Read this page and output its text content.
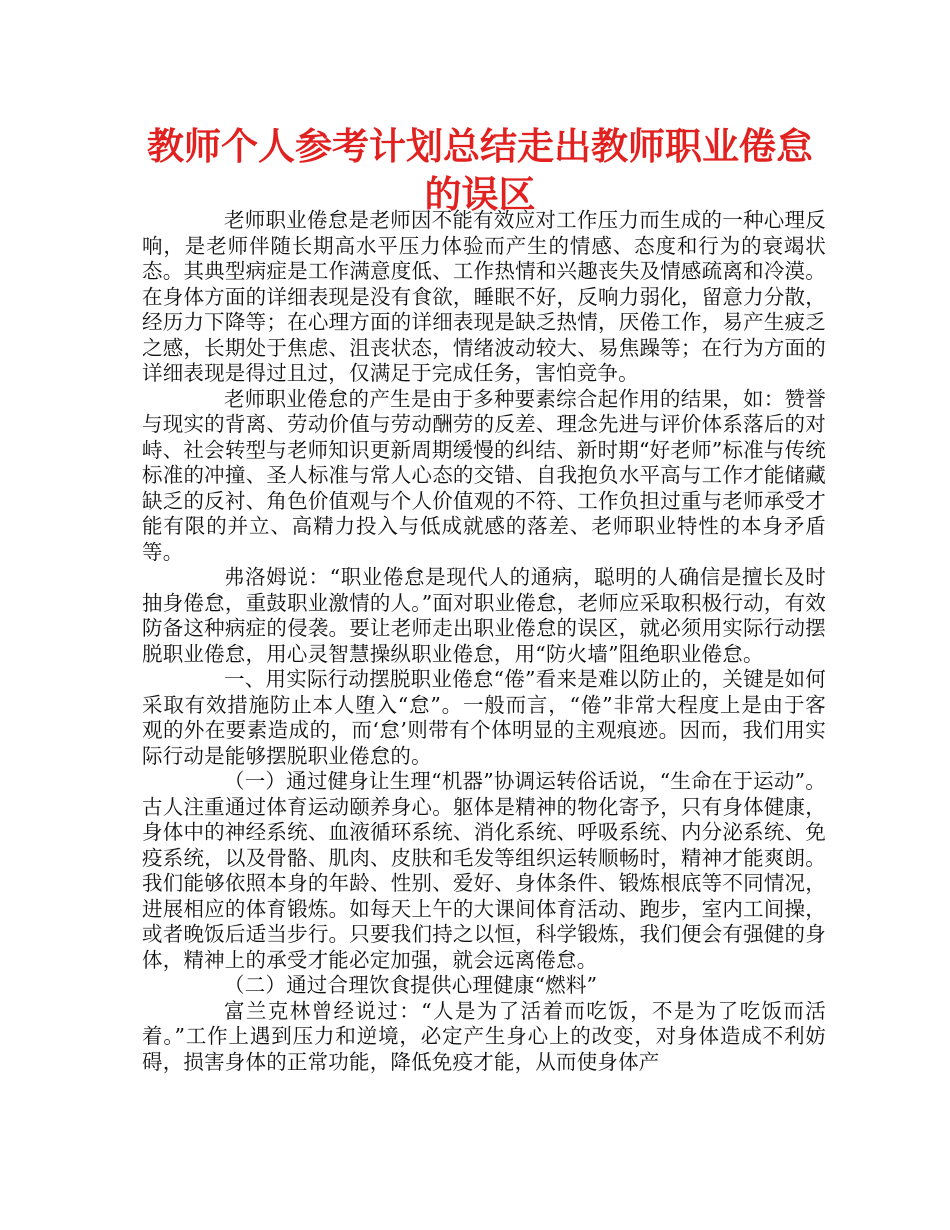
教师个人参考计划总结走出教师职业倦怠的误区

老师职业倦怠是老师因不能有效应对工作压力而生成的一种心理反响，是老师伴随长期高水平压力体验而产生的情感、态度和行为的衰竭状态。其典型病症是工作满意度低、工作热情和兴趣丧失及情感疏离和冷漠。在身体方面的详细表现是没有食欲，睡眠不好，反响力弱化，留意力分散，经历力下降等；在心理方面的详细表现是缺乏热情，厌倦工作，易产生疲乏之感，长期处于焦虑、沮丧状态，情绪波动较大、易焦躁等；在行为方面的详细表现是得过且过，仅满足于完成任务，害怕竞争。

老师职业倦怠的产生是由于多种要素综合起作用的结果，如：赞誉与现实的背离、劳动价值与劳动酬劳的反差、理念先进与评价体系落后的对峙、社会转型与老师知识更新周期缓慢的纠结、新时期“好老师”标准与传统标准的冲撞、圣人标准与常人心态的交错、自我抱负水平高与工作才能储藏缺乏的反衬、角色价值观与个人价值观的不符、工作负担过重与老师承受才能有限的并立、高精力投入与低成就感的落差、老师职业特性的本身矛盾等。

弗洛姆说：“职业倦怠是现代人的通病，聪明的人确信是擅长及时抽身倦怠，重鼓职业激情的人。”面对职业倦怠，老师应采取积极行动，有效防备这种病症的侵袭。要让老师走出职业倦怠的误区，就必须用实际行动摆脱职业倦怠，用心灵智慧操纵职业倦怠，用“防火墙”阻绝职业倦怠。

一、用实际行动摆脱职业倦怠“倦”看来是难以防止的，关键是如何采取有效措施防止本人堕入“怠”。一般而言，“倦”非常大程度上是由于客观的外在要素造成的，而‘怠’则带有个体明显的主观痕迹。因而，我们用实际行动是能够摆脱职业倦怠的。

（一）通过健身让生理“机器”协调运转俗话说，“生命在于运动”。古人注重通过体育运动颐养身心。躯体是精神的物化寄予，只有身体健康，身体中的神经系统、血液循环系统、消化系统、呼吸系统、内分泌系统、免疫系统，以及骨骼、肌肉、皮肤和毛发等组织运转顺畅时，精神才能爽朗。我们能够依照本身的年龄、性别、爱好、身体条件、锻炼根底等不同情况，进展相应的体育锻炼。如每天上午的大课间体育活动、跑步，室内工间操，或者晚饭后适当步行。只要我们持之以恒，科学锻炼，我们便会有强健的身体，精神上的承受才能必定加强，就会远离倦怠。

（二）通过合理饮食提供心理健康“燃料”

富兰克林曾经说过：“人是为了活着而吃饭，不是为了吃饭而活着。”工作上遇到压力和逆境，必定产生身心上的改变，对身体造成不利妨碍，损害身体的正常功能，降低免疫才能，从而使身体产
